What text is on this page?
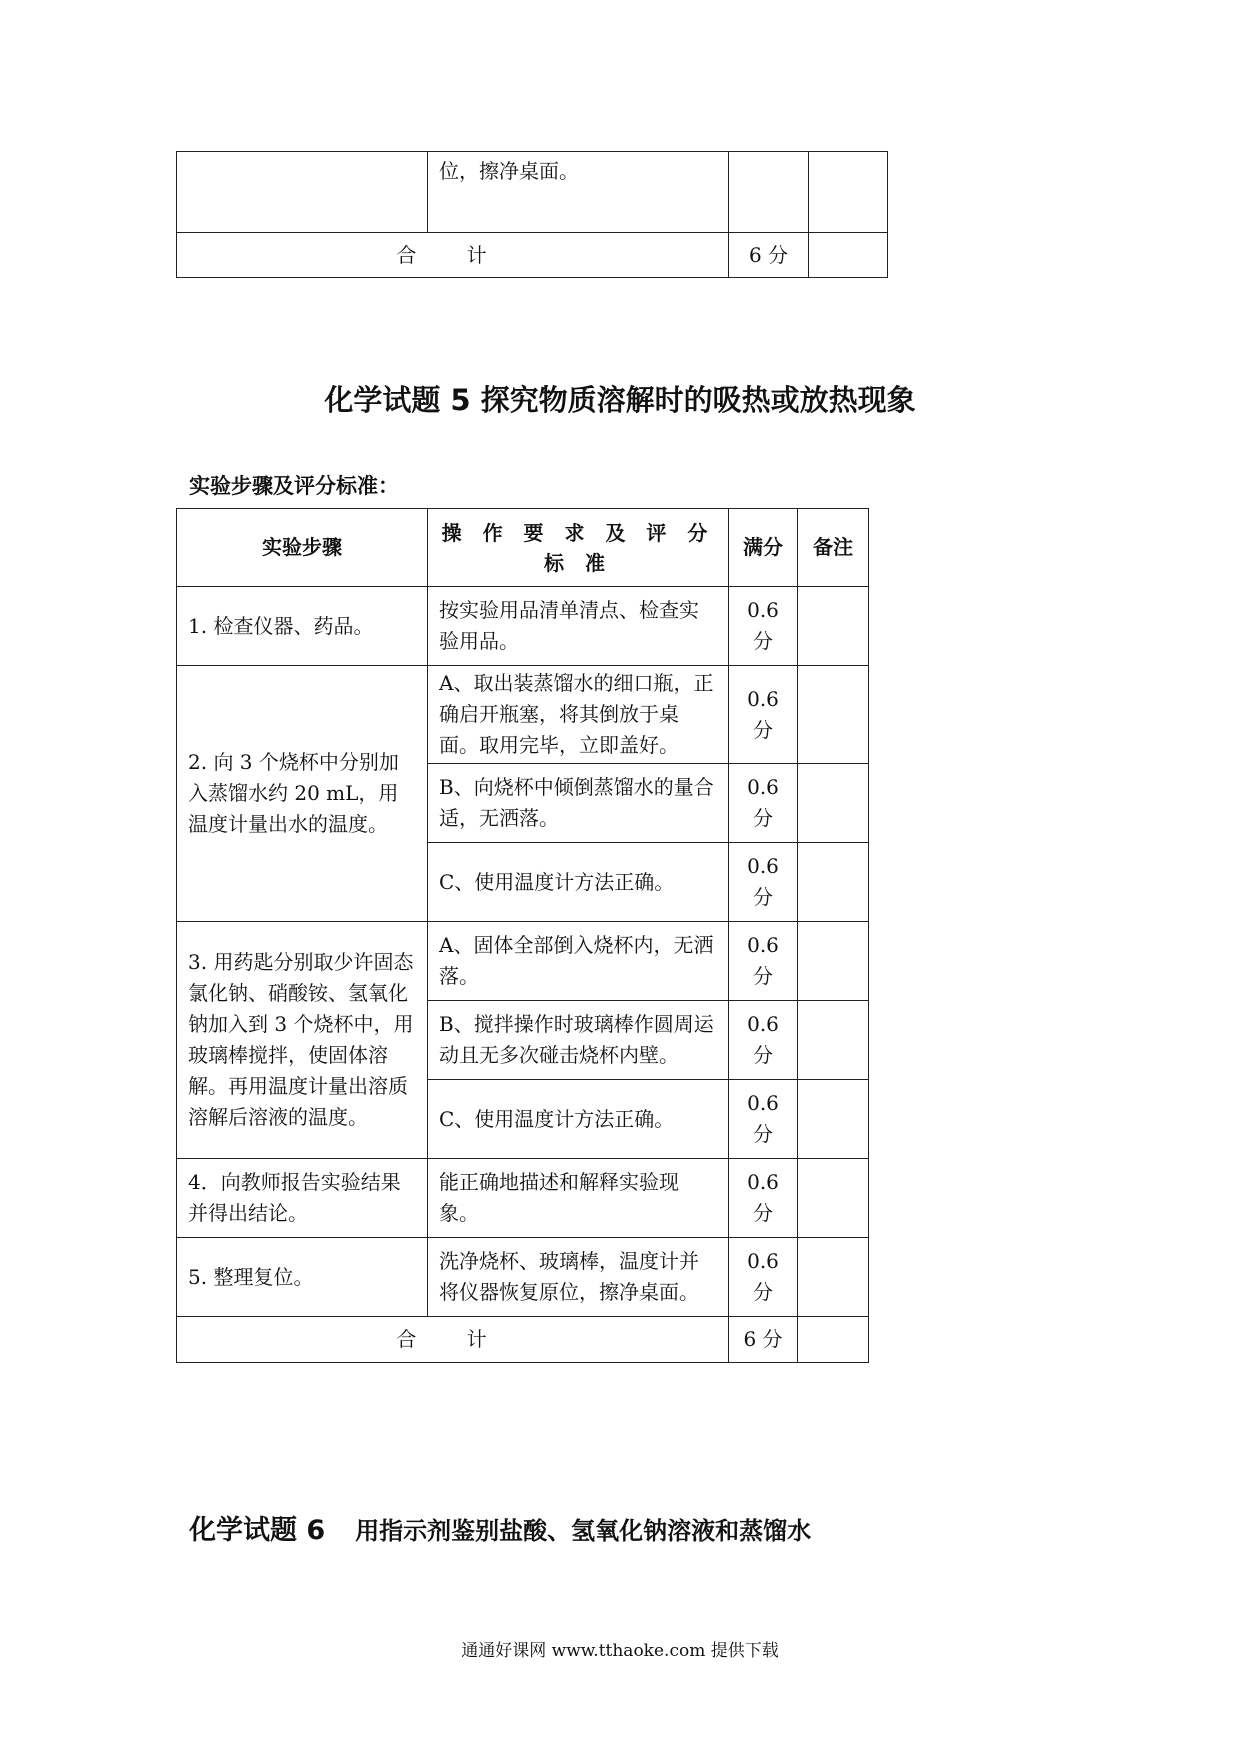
	位，擦净桌面。		
合 计		6 分	
化学试题 5 探究物质溶解时的吸热或放热现象
实验步骤及评分标准：
实验步骤	操 作 要 求 及 评 分 标 准	满分	备注
1. 检查仪器、药品。	按实验用品清单清点、检查实验用品。	0.6 分	
2. 向 3 个烧杯中分别加入蒸馏水约 20 mL，用温度计量出水的温度。	A、取出装蒸馏水的细口瓶，正确启开瓶塞，将其倒放于桌面。取用完毕，立即盖好。	0.6 分	
	B、向烧杯中倾倒蒸馏水的量合适，无洒落。	0.6 分	
	C、使用温度计方法正确。	0.6 分	
3. 用药匙分别取少许固态氯化钠、硝酸铵、氢氧化钠加入到 3 个烧杯中，用玻璃棒搅拌，使固体溶解。再用温度计量出溶质溶解后溶液的温度。	A、固体全部倒入烧杯内，无洒落。	0.6 分	
	B、搅拌操作时玻璃棒作圆周运动且无多次碰击烧杯内壁。	0.6 分	
	C、使用温度计方法正确。	0.6 分	
4．向教师报告实验结果并得出结论。	能正确地描述和解释实验现象。	0.6 分	
5. 整理复位。	洗净烧杯、玻璃棒，温度计并将仪器恢复原位，擦净桌面。	0.6 分	
合 计		6 分	
化学试题 6 用指示剂鉴别盐酸、氢氧化钠溶液和蒸馏水
通通好课网 www.tthaoke.com 提供下载
